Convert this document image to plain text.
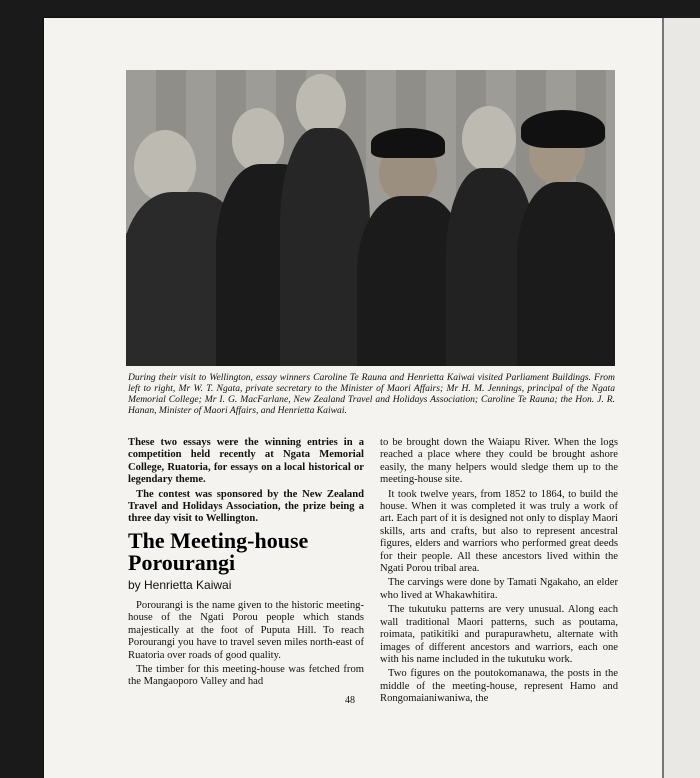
During their visit to Wellington, essay winners Caroline Te Rauna and Henrietta Kaiwai visited Parliament Buildings. From left to right, Mr W. T. Ngata, private secretary to the Minister of Maori Affairs; Mr H. M. Jennings, principal of the Ngata Memorial College; Mr I. G. MacFarlane, New Zealand Travel and Holidays Association; Caroline Te Rauna; the Hon. J. R. Hanan, Minister of Maori Affairs, and Henrietta Kaiwai.

These two essays were the winning entries in a competition held recently at Ngata Memorial College, Ruatoria, for essays on a local historical or legendary theme.

The contest was sponsored by the New Zealand Travel and Holidays Association, the prize being a three day visit to Wellington.

The Meeting-house Porourangi
by Henrietta Kaiwai

Porourangi is the name given to the historic meeting-house of the Ngati Porou people which stands majestically at the foot of Puputa Hill. To reach Porourangi you have to travel seven miles north-east of Ruatoria over roads of good quality.

The timber for this meeting-house was fetched from the Mangaoporo Valley and had

to be brought down the Waiapu River. When the logs reached a place where they could be brought ashore easily, the many helpers would sledge them up to the meeting-house site.

It took twelve years, from 1852 to 1864, to build the house. When it was completed it was truly a work of art. Each part of it is designed not only to display Maori skills, arts and crafts, but also to represent ancestral figures, elders and warriors who performed great deeds for their people. All these ancestors lived within the Ngati Porou tribal area.

The carvings were done by Tamati Ngakaho, an elder who lived at Whakawhitira.

The tukutuku patterns are very unusual. Along each wall traditional Maori patterns, such as poutama, roimata, patikitiki and purapurawhetu, alternate with images of different ancestors and warriors, each one with his name included in the tukutuku work.

Two figures on the poutokomanawa, the posts in the middle of the meeting-house, represent Hamo and Rongomaianiwaniwa, the

48
